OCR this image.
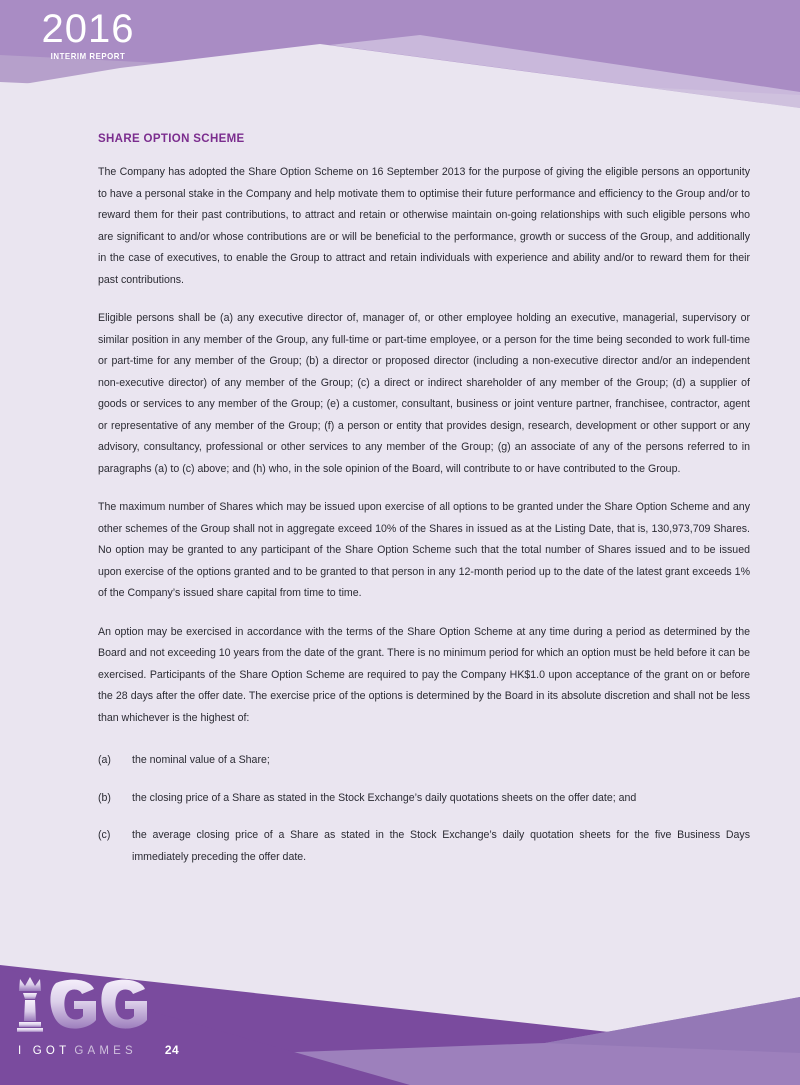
2016
INTERIM REPORT
SHARE OPTION SCHEME

The Company has adopted the Share Option Scheme on 16 September 2013 for the purpose of giving the eligible persons an opportunity to have a personal stake in the Company and help motivate them to optimise their future performance and efficiency to the Group and/or to reward them for their past contributions, to attract and retain or otherwise maintain on-going relationships with such eligible persons who are significant to and/or whose contributions are or will be beneficial to the performance, growth or success of the Group, and additionally in the case of executives, to enable the Group to attract and retain individuals with experience and ability and/or to reward them for their past contributions.

Eligible persons shall be (a) any executive director of, manager of, or other employee holding an executive, managerial, supervisory or similar position in any member of the Group, any full-time or part-time employee, or a person for the time being seconded to work full-time or part-time for any member of the Group; (b) a director or proposed director (including a non-executive director and/or an independent non-executive director) of any member of the Group; (c) a direct or indirect shareholder of any member of the Group; (d) a supplier of goods or services to any member of the Group; (e) a customer, consultant, business or joint venture partner, franchisee, contractor, agent or representative of any member of the Group; (f) a person or entity that provides design, research, development or other support or any advisory, consultancy, professional or other services to any member of the Group; (g) an associate of any of the persons referred to in paragraphs (a) to (c) above; and (h) who, in the sole opinion of the Board, will contribute to or have contributed to the Group.

The maximum number of Shares which may be issued upon exercise of all options to be granted under the Share Option Scheme and any other schemes of the Group shall not in aggregate exceed 10% of the Shares in issued as at the Listing Date, that is, 130,973,709 Shares. No option may be granted to any participant of the Share Option Scheme such that the total number of Shares issued and to be issued upon exercise of the options granted and to be granted to that person in any 12-month period up to the date of the latest grant exceeds 1% of the Company’s issued share capital from time to time.

An option may be exercised in accordance with the terms of the Share Option Scheme at any time during a period as determined by the Board and not exceeding 10 years from the date of the grant. There is no minimum period for which an option must be held before it can be exercised. Participants of the Share Option Scheme are required to pay the Company HK$1.0 upon acceptance of the grant on or before the 28 days after the offer date. The exercise price of the options is determined by the Board in its absolute discretion and shall not be less than whichever is the highest of:

(a)	the nominal value of a Share;
(b)	the closing price of a Share as stated in the Stock Exchange’s daily quotations sheets on the offer date; and
(c)	the average closing price of a Share as stated in the Stock Exchange’s daily quotation sheets for the five Business Days immediately preceding the offer date.
I GOT GAMES 24
